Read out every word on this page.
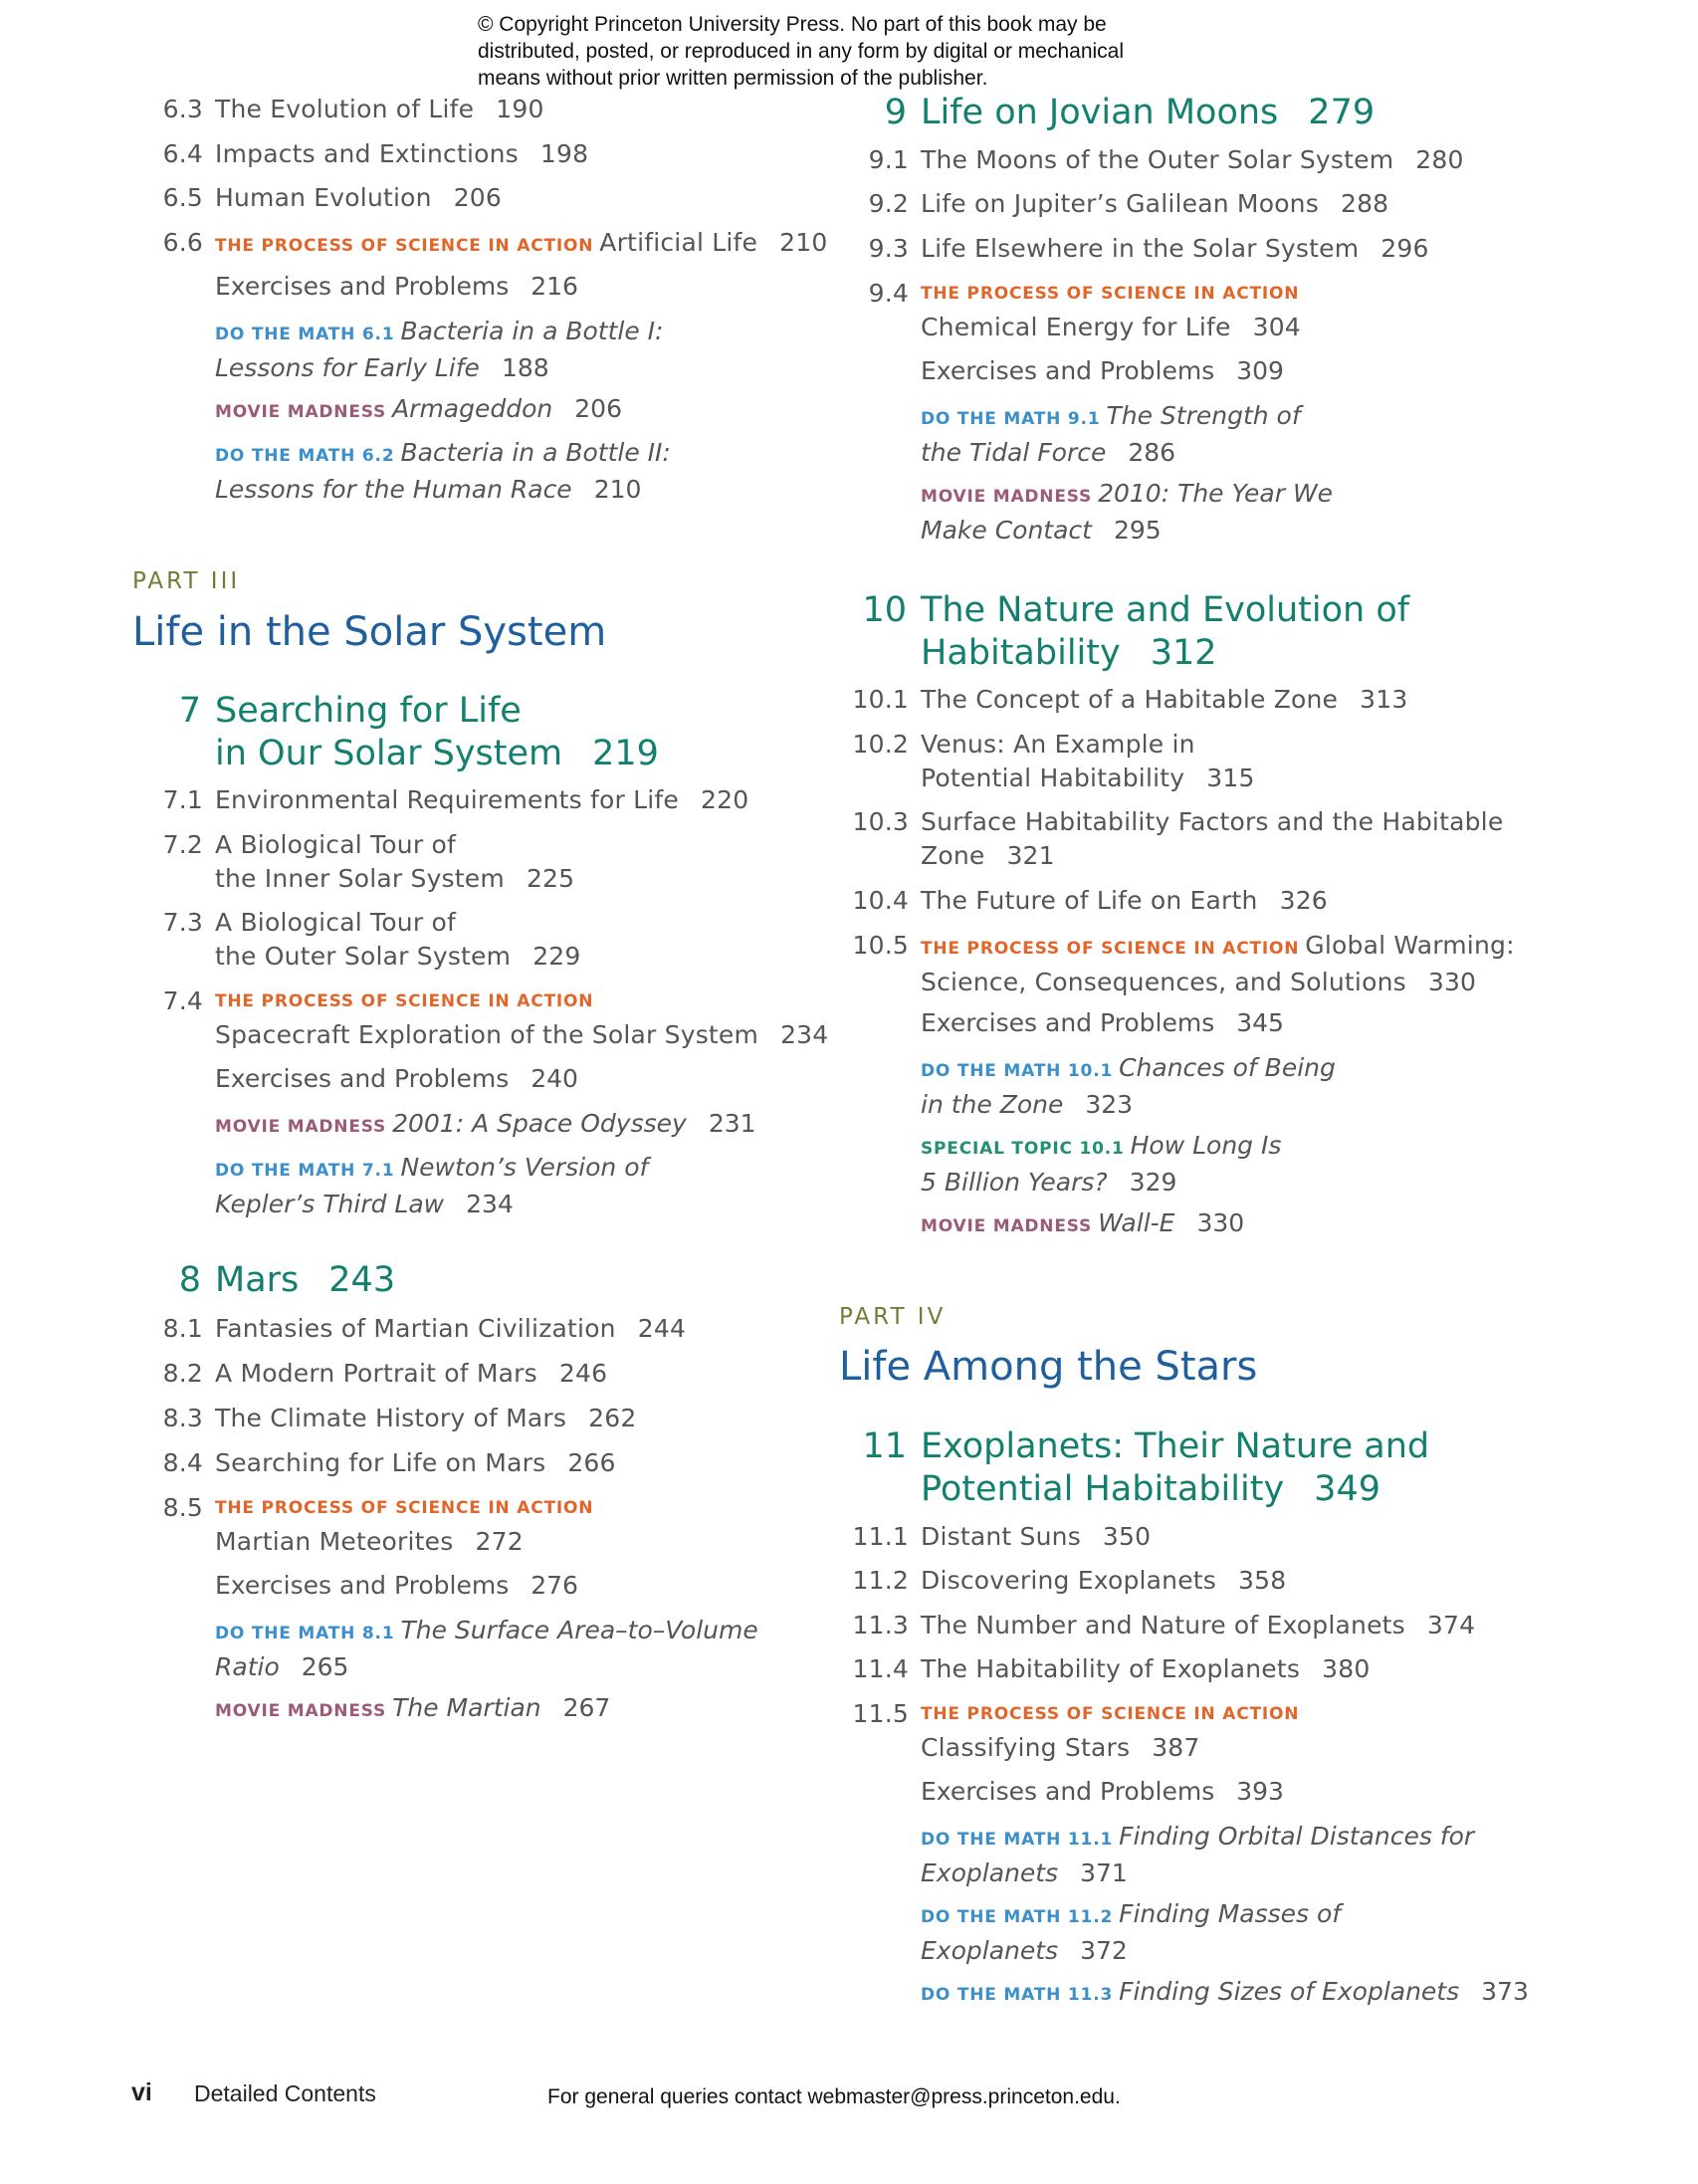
© Copyright Princeton University Press. No part of this book may be
distributed, posted, or reproduced in any form by digital or mechanical
means without prior written permission of the publisher.
6.3 The Evolution of Life 190
6.4 Impacts and Extinctions 198
6.5 Human Evolution 206
6.6 THE PROCESS OF SCIENCE IN ACTION Artificial Life 210
Exercises and Problems 216
DO THE MATH 6.1 Bacteria in a Bottle I:
Lessons for Early Life 188
MOVIE MADNESS Armageddon 206
DO THE MATH 6.2 Bacteria in a Bottle II:
Lessons for the Human Race 210
PART III
Life in the Solar System
7 Searching for Life
in Our Solar System 219
7.1 Environmental Requirements for Life 220
7.2 A Biological Tour of
the Inner Solar System 225
7.3 A Biological Tour of
the Outer Solar System 229
7.4 THE PROCESS OF SCIENCE IN ACTION
Spacecraft Exploration of the Solar System 234
Exercises and Problems 240
MOVIE MADNESS 2001: A Space Odyssey 231
DO THE MATH 7.1 Newton’s Version of
Kepler’s Third Law 234
8 Mars 243
8.1 Fantasies of Martian Civilization 244
8.2 A Modern Portrait of Mars 246
8.3 The Climate History of Mars 262
8.4 Searching for Life on Mars 266
8.5 THE PROCESS OF SCIENCE IN ACTION
Martian Meteorites 272
Exercises and Problems 276
DO THE MATH 8.1 The Surface Area–to–Volume
Ratio 265
MOVIE MADNESS The Martian 267
9 Life on Jovian Moons 279
9.1 The Moons of the Outer Solar System 280
9.2 Life on Jupiter’s Galilean Moons 288
9.3 Life Elsewhere in the Solar System 296
9.4 THE PROCESS OF SCIENCE IN ACTION
Chemical Energy for Life 304
Exercises and Problems 309
DO THE MATH 9.1 The Strength of
the Tidal Force 286
MOVIE MADNESS 2010: The Year We
Make Contact 295
10 The Nature and Evolution of
Habitability 312
10.1 The Concept of a Habitable Zone 313
10.2 Venus: An Example in
Potential Habitability 315
10.3 Surface Habitability Factors and the Habitable
Zone 321
10.4 The Future of Life on Earth 326
10.5 THE PROCESS OF SCIENCE IN ACTION Global Warming:
Science, Consequences, and Solutions 330
Exercises and Problems 345
DO THE MATH 10.1 Chances of Being
in the Zone 323
SPECIAL TOPIC 10.1 How Long Is
5 Billion Years? 329
MOVIE MADNESS Wall-E 330
PART IV
Life Among the Stars
11 Exoplanets: Their Nature and
Potential Habitability 349
11.1 Distant Suns 350
11.2 Discovering Exoplanets 358
11.3 The Number and Nature of Exoplanets 374
11.4 The Habitability of Exoplanets 380
11.5 THE PROCESS OF SCIENCE IN ACTION
Classifying Stars 387
Exercises and Problems 393
DO THE MATH 11.1 Finding Orbital Distances for
Exoplanets 371
DO THE MATH 11.2 Finding Masses of
Exoplanets 372
DO THE MATH 11.3 Finding Sizes of Exoplanets 373
vi Detailed Contents	For general queries contact webmaster@press.princeton.edu.
